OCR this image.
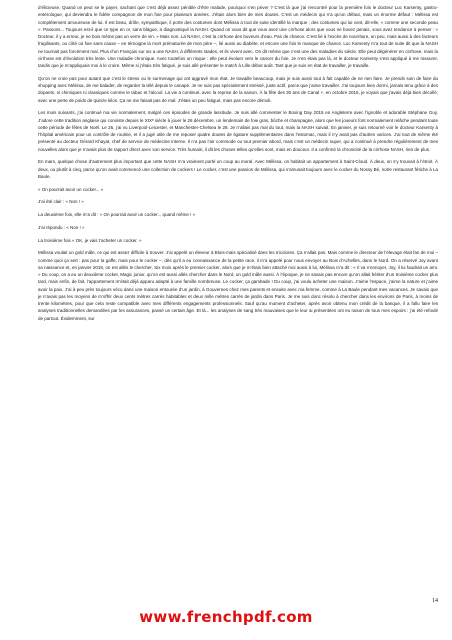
d’élicieuse. Quand on peut se le payer, sachant que c’est déjà assez pénible d’être malade, pourquoi s’en priver ? C’est là que j’ai rencontré pour la première fois le docteur Luc Karsenty, gastro-entérologue, qui deviendra le fidèle compagnon de mon foie pour plusieurs années. J’étais alors bien de mes doutes. C’est un médecin qui n’a qu’un défaut, mais un énorme défaut : Mélissa est complètement amoureuse de lui. Il est beau, drôle, sympathique, il porte des costumes dont Mélissa a tout de suite identifié la marque ; des costumes qui lui vont, dit-elle, « comme une seconde peau ». Passons... Toujours est-il que ce type en or, sans blague, a diagnostiqué la NASH. Quand on vous dit que vous avez une cirrhose alors que vous ne buvez jamais, vous avez tendance à penser : « Docteur, il y a erreur, je ne bois même pas un verre de vin. » Mais non. La NASH, c’est la cirrhose des buveurs d’eau. Pas de chance. C’est lié à l’excès de nourriture, un peu, mais aussi à des facteurs fragilisants, ou côté où foie sans cause – en témoigne la mort prématurée de mon père –, lié aussi au diabète, et encore une fois le manque de chance. Luc Karsenty m’a tout de suite dit que la NASH ne tournait pas forcément mal. Plus d’un Français sur six a une NASH, à différents stades, et ils vivent avec. On dit même que c’est une des maladies du siècle. Elle peut dégénérer en cirrhose, mais la cirrhose est d’évolution très lente. Une maladie chronique. Avec toutefois un risque : elle peut évoluer vers le cancer du foie. Je n’en étais pas là, et le docteur Karsenty s’est appliqué à me rassurer, tandis que je m’appliquais moi à le croire. Même si j’étais très fatigué, je suis allé présenter le match à Lille début août. Tant que je suis en état de travailler, je travaille.

Qu’on ne croie pas pour autant que c’est le stress ou le surmenage qui ont aggravé mon état. Je travaille beaucoup, mais je suis aussi tout à fait capable de ne rien faire. Je prends soin de faire du shopping avec Mélissa, de me balader, de regarder la télé depuis le canapé. Je ne suis pas spécialement stressé, juste actif, parce que j’aime travailler. J’ai toujours bien dormi, jamais tenu grâce à des dopants, ni chimiques ni classiques comme le tabac et l’alcool. La vie a continué, avec la reprise de la saison. À la fête des 30 ans de Canal +, en octobre 2015, je voyais que j’avais déjà bien décollé, avec une perte de poids de quinze kilos. Ça ne me faisait pas de mal. J’étais un peu fatigué, mais pas encore démoli.

Les mois suivants, j’ai continué ma vie normalement, malgré ces épisodes de grande lassitude. Je suis allé commenter le Boxing Day 2015 en Angleterre avec l’ignoble et adorable Stéphane Guy. J’adore cette tradition anglaise qui consiste depuis le XIXᵉ siècle à jouer le 26 décembre, un lendemain de foie gras, bûche et champagne, alors que les joueurs font normalement relâche pendant toute cette période de fêtes de Noël. Le 26, j’ai vu Liverpool-Leicester, et Manchester-Chelsea le 28. Je n’allais pas mal du tout, mais la NASH suivait. En janvier, je suis retourné voir le docteur Karsenty à l’hôpital américain pour un contrôle de routine, et il a jugé utile de me reposer quatre doutes de ligature supplémentaires dans l’estomac, mais il n’y avait pas d’autres varices. J’ai tout de même été présenté au docteur Gérard Khayat, chef de service de médecine interne. Il n’a pas l’air commode ou tout premier abord, mais c’est un médecin super, qui a continué à prendre régulièrement de mes nouvelles alors que je n’avais plus de rapport direct avec son service. Très humain, il dit les choses telles qu’elles sont, mais en douceur. Il a confirmé la chronicité de la cirrhose NASH, rien de plus.

En mars, quelque chose d’autrement plus important que cette NASH m’a vraiment porté un coup au moral. Avec Mélissa, on habitait un appartement à Saint-Cloud. À deux, on s’y trouvait à l’étroit. À deux, ou plutôt à cinq, parce qu’on avait commencé une collection de cockers ! Le cocker, c’est une passion de Mélissa, qui s’amusait toujours avec le cocker du Nossy Bé, notre restaurant fétiche à La Baule.

« On pourrait avoir un cocker... »

J’ai été clair : « Non ! »

La deuxième fois, elle m’a dit : « On pourrait avoir un cocker... quand même ! »

J’ai répondu : « Non ! »

La troisième fois « OK, je vais t’acheter un cocker. »

Mélissa voulait un gold mâle, ce qui est assez difficile à trouver. J’ai appelé un éleveur à Blois-mais spécialisé dans les tricolores. Ça n’allait pas. Mais comme le directeur de l’élevage était fan de moi – comme quoi ça sert : pas pour la gaffe, mais pour le cocker –, dès qu’il a eu connaissance de la petite race, il m’a appelé pour nous envoyer au Bois d’Achelles, dans le Nord. On a réservé Joy avant sa naissance et, en janvier 2015, on est allés le chercher. Six mois après le premier cocker, alors que je m’étais bien attaché moi aussi à lui, Mélissa m’a dit : « Il va s’ennuyer, Joy, il lui faudrait un ami. » Du coup, on a eu un deuxième cocker, Magic junior, qu’on est aussi allés chercher dans le Nord, un gold mâle aussi. À l’époque, je ne savais pas encore qu’on allait hériter d’un troisième cocker plus tard, mais enfin, de fait, l’appartement m’était déjà apparu adapté à une famille nombreuse. Le cocker, ça gambade ! Du coup, j’ai voulu acheter une maison. J’aime l’espace, j’aime la nature et j’aime avoir la paix. J’ai à peu près toujours vécu dans une maison entourée d’un jardin, à Gouvernes chez mes parents et ensuite avec ma femme, comme à La Baule pendant mes vacances. Je savais que je n’avais pas les moyens de m’offrir deux cents mètres carrés habitables et deux mille mètres carrés de jardin dans Paris. Je me suis donc résolu à chercher dans les environs de Paris, à moins de trente kilomètres, pour que cela reste compatible avec mes différents engagements professionnels. Sauf qu’au moment d’acheter, après avoir obtenu mon crédit de la banque, il a fallu faire les analyses traditionnelles demandées par les assurances, passé un certain âge. Et là... les analyses de sang très mauvaises que le leur ai présentées ont eu raison de tous mes espoirs : j’ai été refoulé de partout. Évidemment, sur

14
www.frenchpdf.com
